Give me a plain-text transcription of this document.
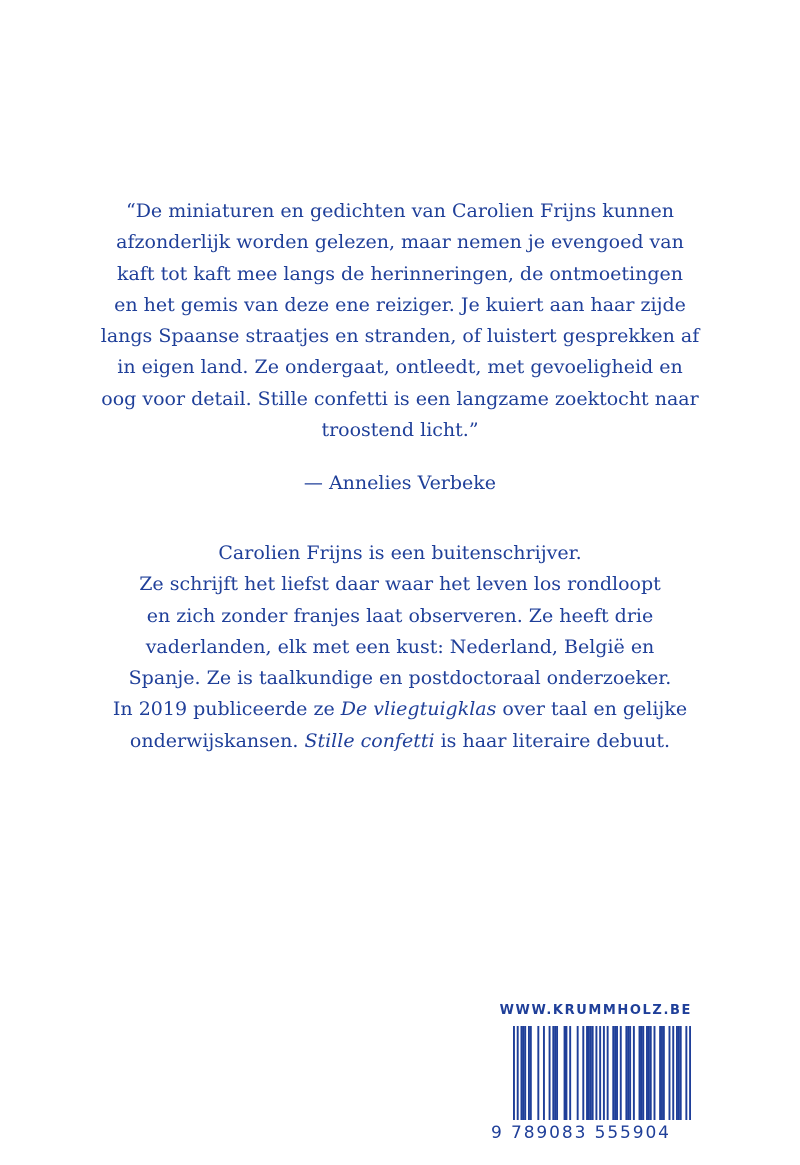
“De miniaturen en gedichten van Carolien Frijns kunnen
afzonderlijk worden gelezen, maar nemen je evengoed van
kaft tot kaft mee langs de herinneringen, de ontmoetingen
en het gemis van deze ene reiziger. Je kuiert aan haar zijde
langs Spaanse straatjes en stranden, of luistert gesprekken af
in eigen land. Ze ondergaat, ontleedt, met gevoeligheid en
oog voor detail. Stille confetti is een langzame zoektocht naar
troostend licht.”
— Annelies Verbeke
Carolien Frijns is een buitenschrijver.
Ze schrijft het liefst daar waar het leven los rondloopt
en zich zonder franjes laat observeren. Ze heeft drie
vaderlanden, elk met een kust: Nederland, België en
Spanje. Ze is taalkundige en postdoctoraal onderzoeker.
In 2019 publiceerde ze De vliegtuigklas over taal en gelijke
onderwijskansen. Stille confetti is haar literaire debuut.
WWW.KRUMMHOLZ.BE
9 789083 555904
